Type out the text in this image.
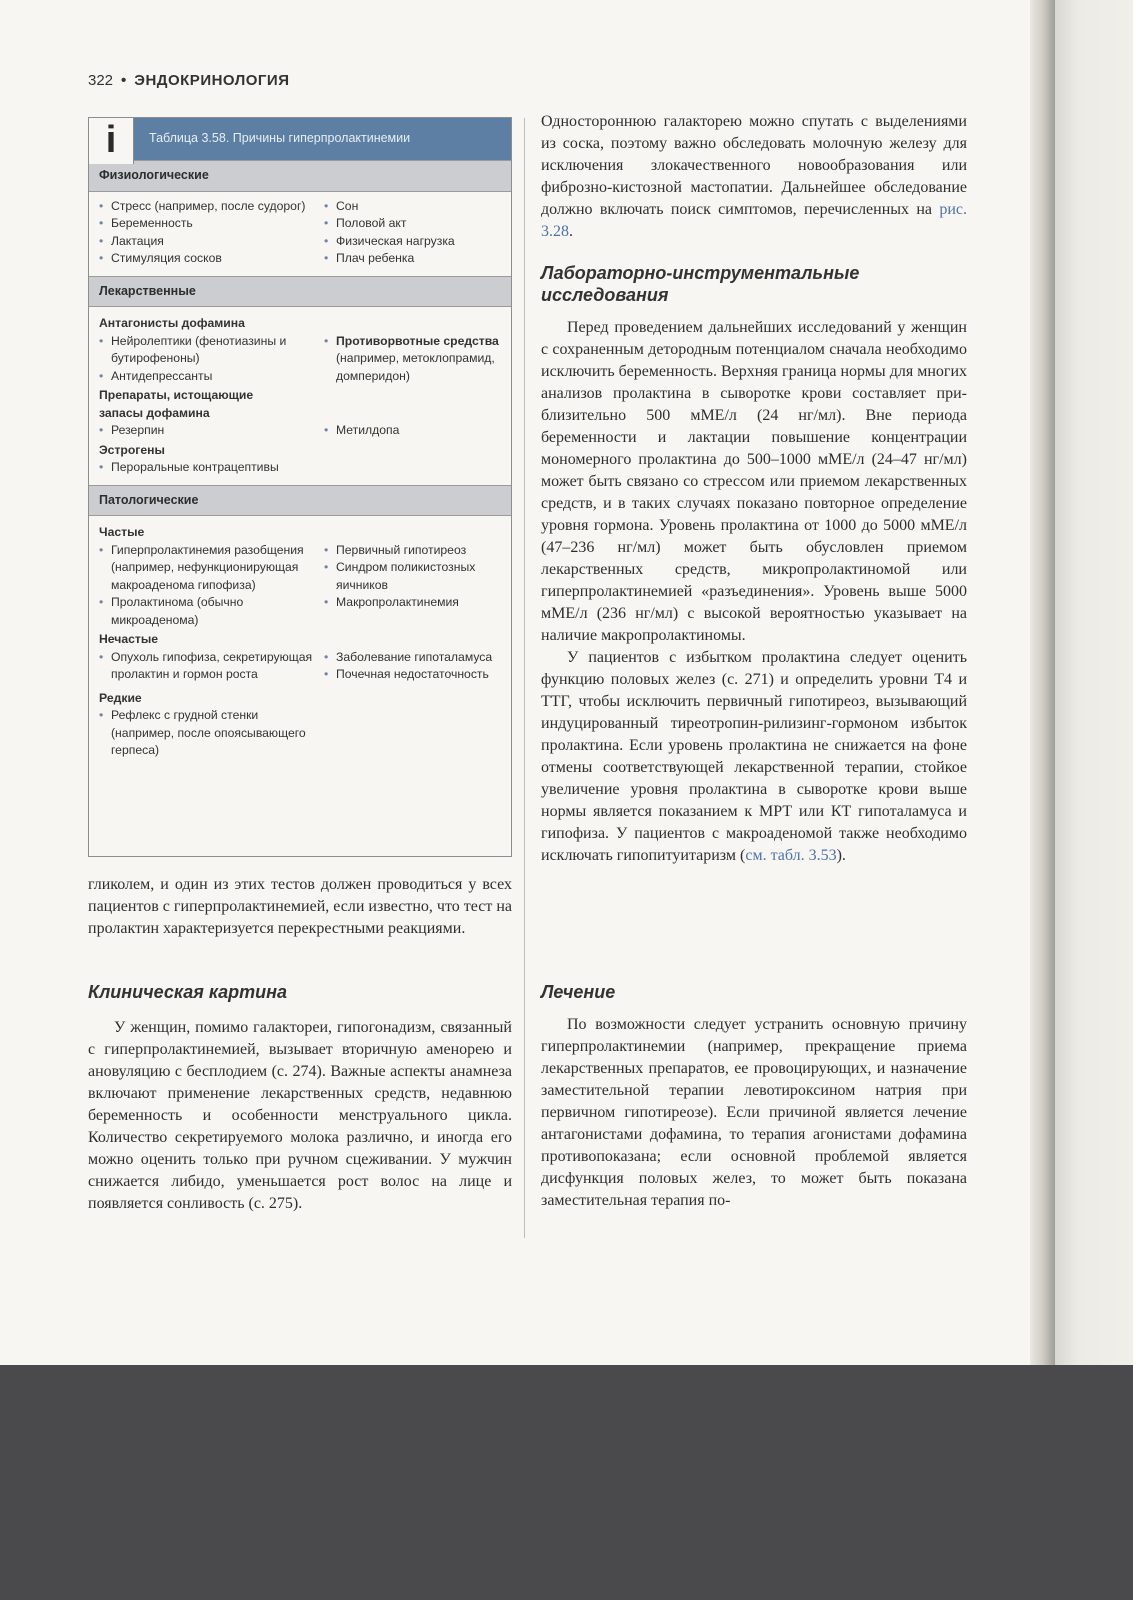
322 • ЭНДОКРИНОЛОГИЯ
i	Таблица 3.58. Причины гиперпролактинемии
Физиологические
• Стресс (например, после судорог)
• Беременность
• Лактация
• Стимуляция сосков
• Сон
• Половой акт
• Физическая нагрузка
• Плач ребенка
Лекарственные
Антагонисты дофамина
• Нейролептики (фенотиазины и бутирофеноны)
• Антидепрессанты
• Противорвотные средства (например, метоклопрамид, домперидон)
Препараты, истощающие запасы дофамина
• Резерпин
•	Метилдопа
Эстрогены
• Пероральные контрацептивы
Патологические
Частые
• Гиперпролактинемия разобщения (например, нефункционирующая макроаденома гипофиза)
• Пролактинома (обычно микроаденома)
• Первичный гипотиреоз
• Синдром поликистозных яичников
• Макропролактинемия
Нечастые
• Опухоль гипофиза, секретирующая пролактин и гормон роста
• Заболевание гипоталамуса
• Почечная недостаточность
Редкие
• Рефлекс с грудной стенки (например, после опоясывающего герпеса)

гликолем, и один из этих тестов должен проводиться у всех пациентов с гиперпролактинемией, если известно, что тест на пролактин характеризуется перекрестными реакциями.

Клиническая картина

У женщин, помимо галактореи, гипогонадизм, связанный с гиперпролактинемией, вызывает вторичную аменорею и ановуляцию с бесплодием (с. 274). Важные аспекты анамнеза включают применение лекарственных средств, недавнюю беременность и особенности менструального цикла. Количество секретируемого молока различно, и иногда его можно оценить только при ручном сцеживании. У мужчин снижается либидо, уменьшается рост волос на лице и появляется сонливость (с. 275).

Одностороннюю галакторею можно спутать с выделениями из соска, поэтому важно обследовать молочную железу для исключения злокачественного новообразования или фиброзно-кистозной мастопатии. Дальнейшее обследование должно включать поиск симптомов, перечисленных на рис. 3.28.

Лабораторно-инструментальные исследования

Перед проведением дальнейших исследований у женщин с сохраненным детородным потенциалом сначала необходимо исключить беременность. Верхняя граница нормы для многих анализов пролактина в сыворотке крови составляет приблизительно 500 мМЕ/л (24 нг/мл). Вне периода беременности и лактации повышение концентрации мономерного пролактина до 500–1000 мМЕ/л (24–47 нг/мл) может быть связано со стрессом или приемом лекарственных средств, и в таких случаях показано повторное определение уровня гормона. Уровень пролактина от 1000 до 5000 мМЕ/л (47–236 нг/мл) может быть обусловлен приемом лекарственных средств, микропролактиномой или гиперпролактинемией «разъединения». Уровень выше 5000 мМЕ/л (236 нг/мл) с высокой вероятностью указывает на наличие макропролактиномы.

У пациентов с избытком пролактина следует оценить функцию половых желез (с. 271) и определить уровни Т4 и ТТГ, чтобы исключить первичный гипотиреоз, вызывающий индуцированный тиреотропин-рилизинг-гормоном избыток пролактина. Если уровень пролактина не снижается на фоне отмены соответствующей лекарственной терапии, стойкое увеличение уровня пролактина в сыворотке крови выше нормы является показанием к МРТ или КТ гипоталамуса и гипофиза. У пациентов с макроаденомой также необходимо исключать гипопитуитаризм (см. табл. 3.53).

Лечение

По возможности следует устранить основную причину гиперпролактинемии (например, прекращение приема лекарственных препаратов, ее провоцирующих, и назначение заместительной терапии левотироксином натрия при первичном гипотиреозе). Если причиной является лечение антагонистами дофамина, то терапия агонистами дофамина противопоказана; если основной проблемой является дисфункция половых желез, то может быть показана заместительная терапия по-
